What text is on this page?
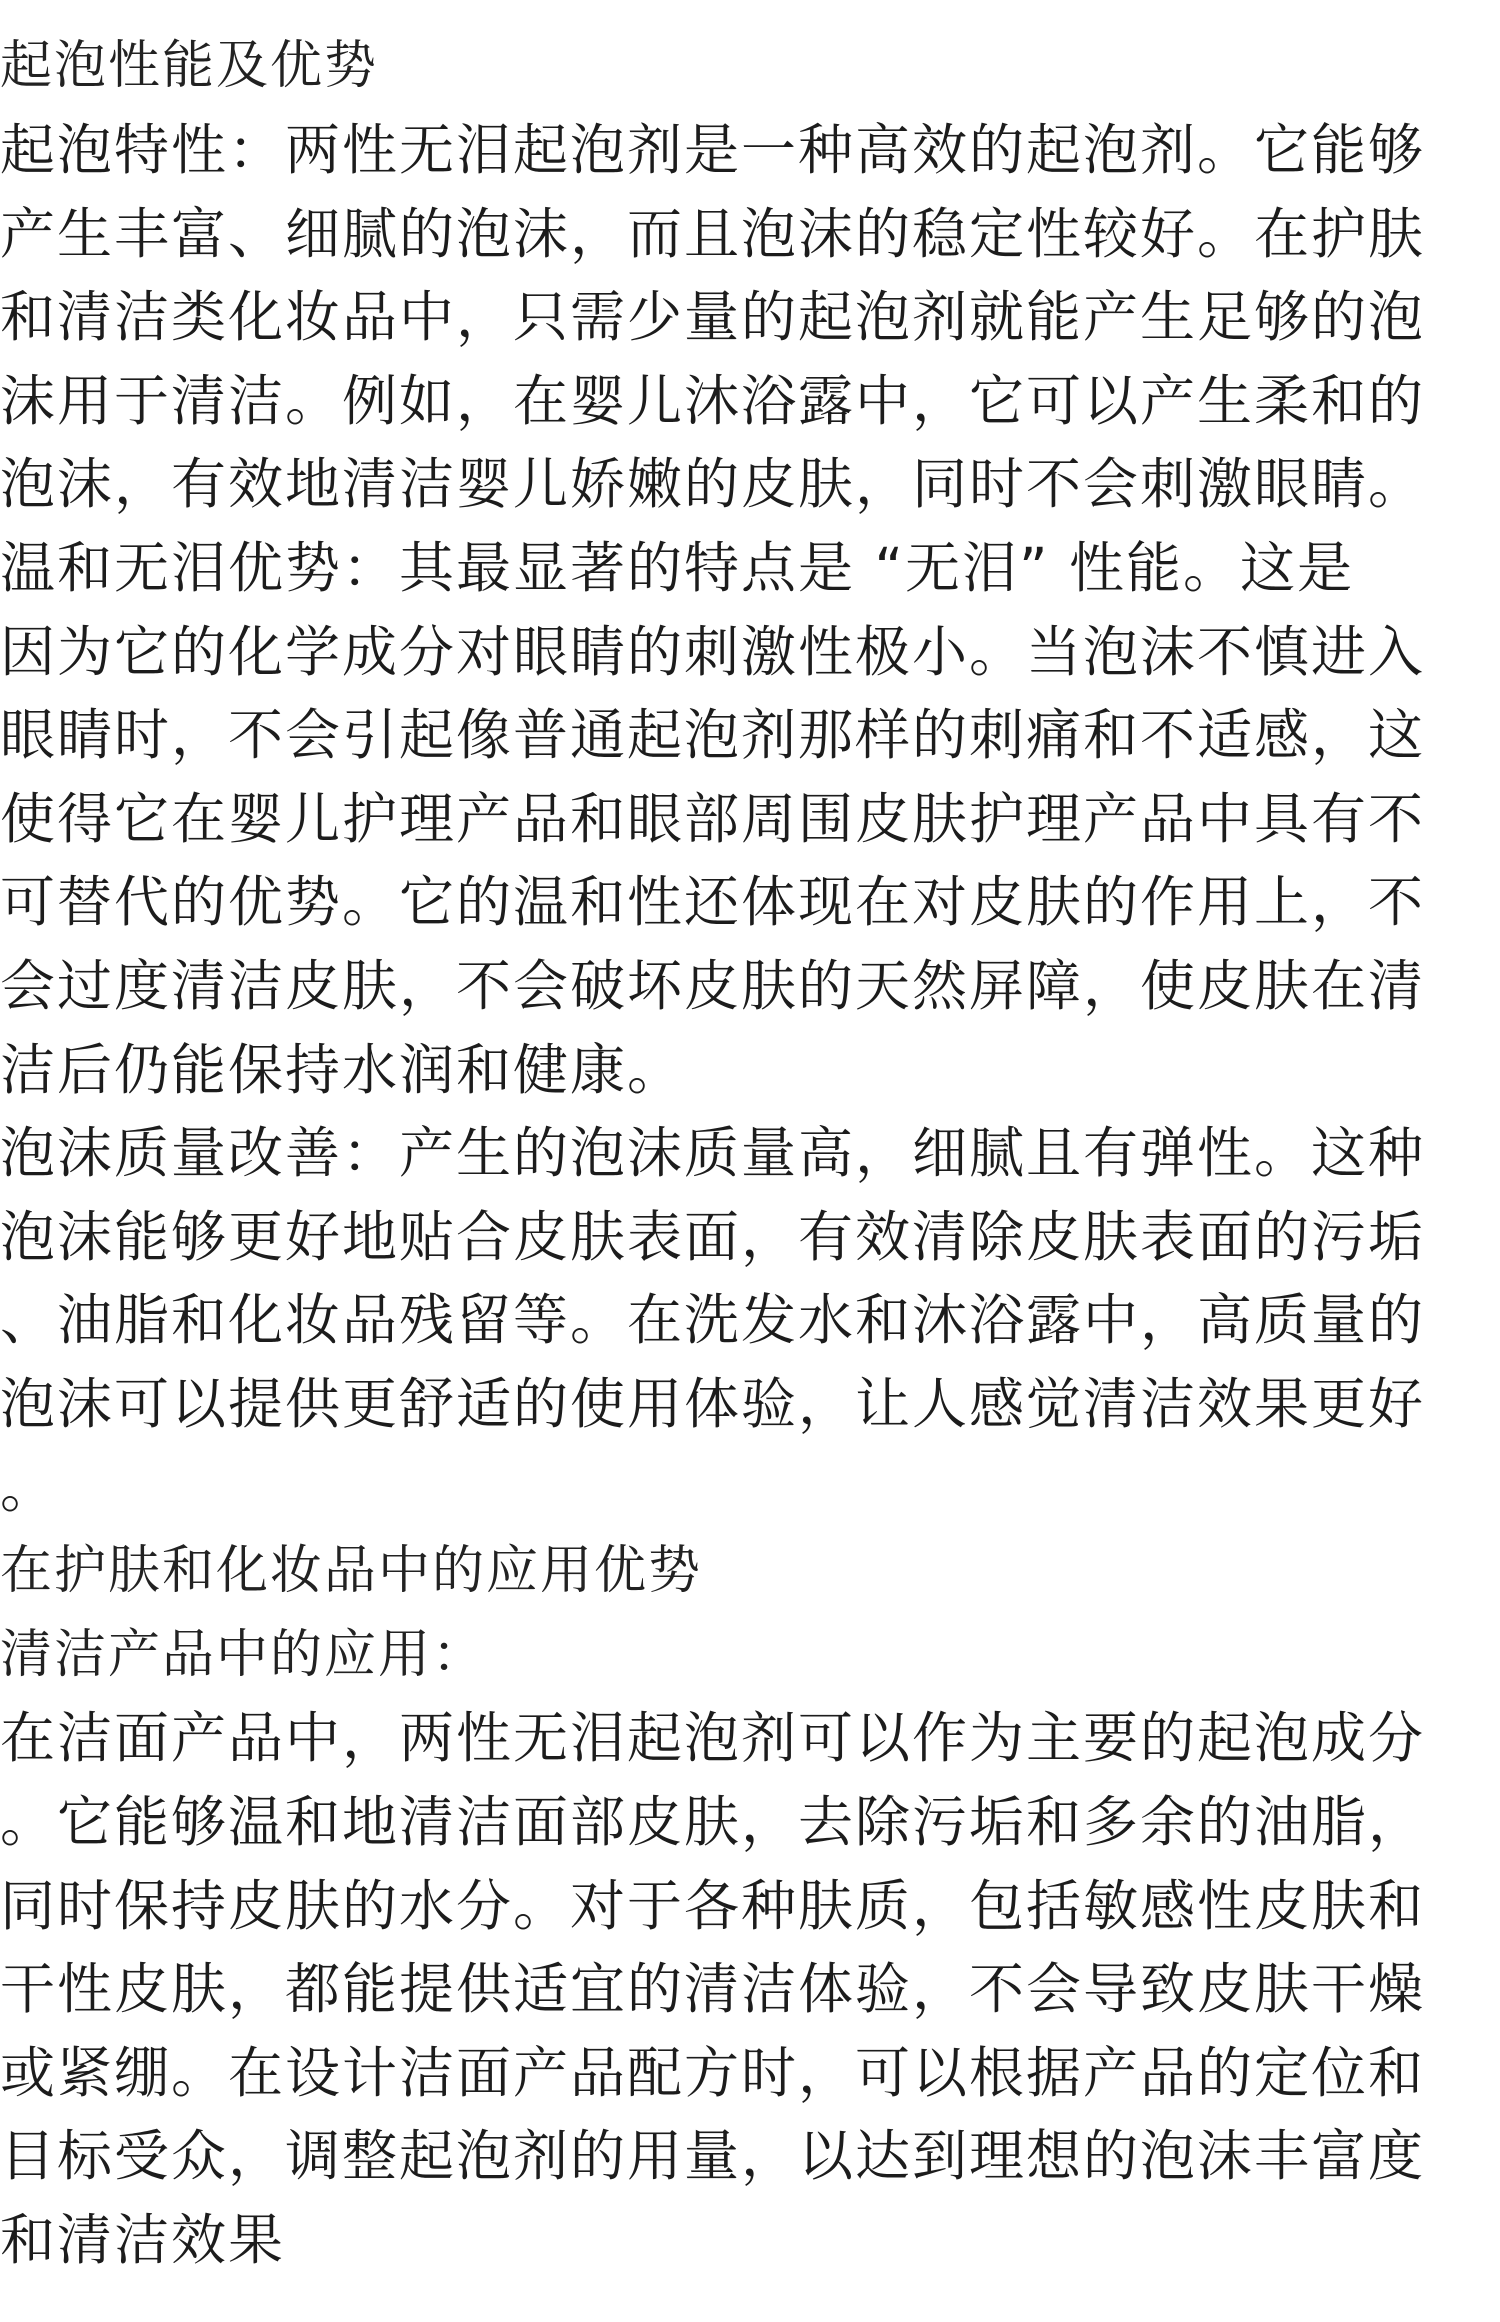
起泡性能及优势
起泡特性：两性无泪起泡剂是一种高效的起泡剂。它能够
产生丰富、细腻的泡沫，而且泡沫的稳定性较好。在护肤
和清洁类化妆品中，只需少量的起泡剂就能产生足够的泡
沫用于清洁。例如，在婴儿沐浴露中，它可以产生柔和的
泡沫，有效地清洁婴儿娇嫩的皮肤，同时不会刺激眼睛。
温和无泪优势：其最显著的特点是 “无泪” 性能。这是
因为它的化学成分对眼睛的刺激性极小。当泡沫不慎进入
眼睛时，不会引起像普通起泡剂那样的刺痛和不适感，这
使得它在婴儿护理产品和眼部周围皮肤护理产品中具有不
可替代的优势。它的温和性还体现在对皮肤的作用上，不
会过度清洁皮肤，不会破坏皮肤的天然屏障，使皮肤在清
洁后仍能保持水润和健康。
泡沫质量改善：产生的泡沫质量高，细腻且有弹性。这种
泡沫能够更好地贴合皮肤表面，有效清除皮肤表面的污垢
、油脂和化妆品残留等。在洗发水和沐浴露中，高质量的
泡沫可以提供更舒适的使用体验，让人感觉清洁效果更好
。
在护肤和化妆品中的应用优势
清洁产品中的应用：
在洁面产品中，两性无泪起泡剂可以作为主要的起泡成分
。它能够温和地清洁面部皮肤，去除污垢和多余的油脂，
同时保持皮肤的水分。对于各种肤质，包括敏感性皮肤和
干性皮肤，都能提供适宜的清洁体验，不会导致皮肤干燥
或紧绷。在设计洁面产品配方时，可以根据产品的定位和
目标受众，调整起泡剂的用量，以达到理想的泡沫丰富度
和清洁效果
